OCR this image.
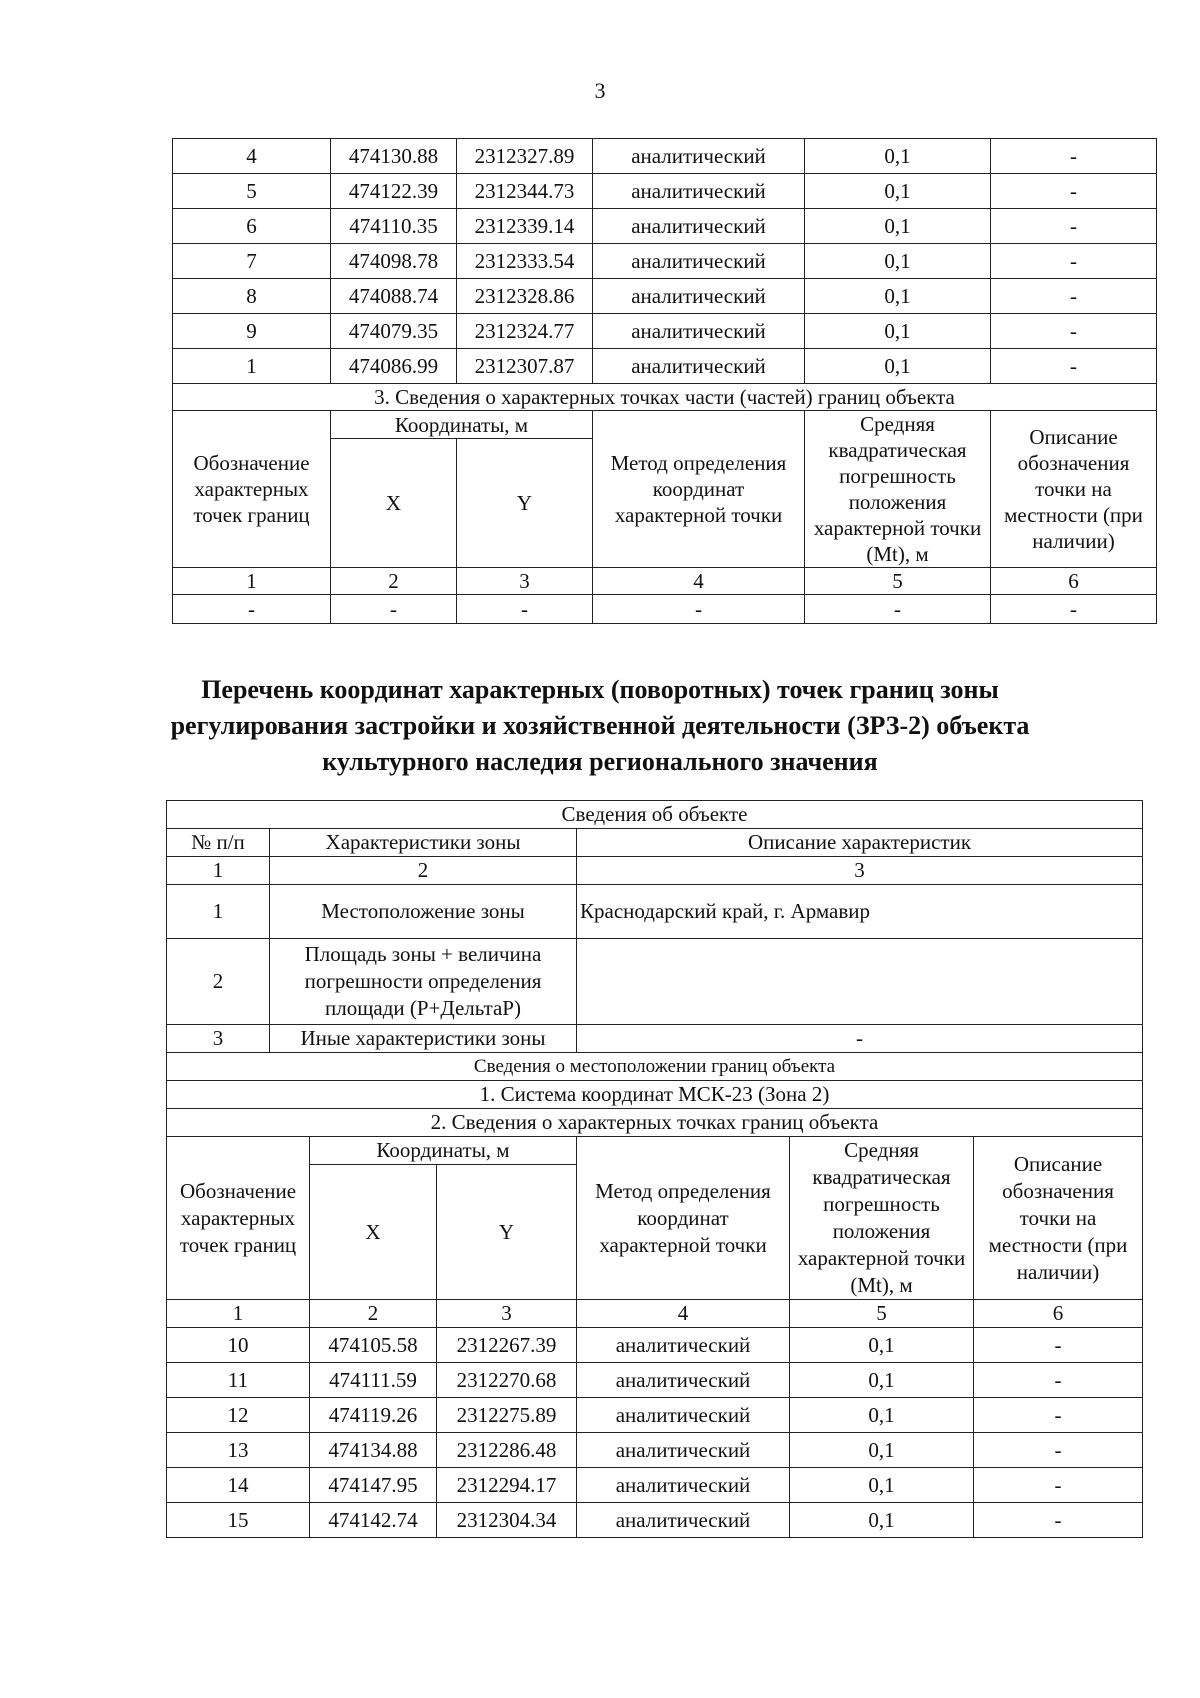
3
4	474130.88	2312327.89	аналитический	0,1	-
5	474122.39	2312344.73	аналитический	0,1	-
6	474110.35	2312339.14	аналитический	0,1	-
7	474098.78	2312333.54	аналитический	0,1	-
8	474088.74	2312328.86	аналитический	0,1	-
9	474079.35	2312324.77	аналитический	0,1	-
1	474086.99	2312307.87	аналитический	0,1	-
3. Сведения о характерных точках части (частей) границ объекта					
Обозначение характерных точек границ	Координаты, м		Метод определения координат характерной точки	Средняя квадратическая погрешность положения характерной точки (Mt), м	Описание обозначения точки на местности (при наличии)
	X	Y			
1	2	3	4	5	6
-	-	-	-	-	-

Перечень координат характерных (поворотных) точек границ зоны регулирования застройки и хозяйственной деятельности (ЗРЗ-2) объекта культурного наследия регионального значения

Сведения об объекте						
№ п/п	Характеристики зоны			Описание характеристик		
1	2			3		
1	Местоположение зоны			Краснодарский край, г. Армавир		
2	Площадь зоны + величина погрешности определения площади (Р+ДельтаР)					
3	Иные характеристики зоны			-		
Сведения о местоположении границ объекта						
1. Система координат МСК-23 (Зона 2)						
2. Сведения о характерных точках границ объекта						
Обозначение характерных точек границ		Координаты, м		Метод определения координат характерной точки	Средняя квадратическая погрешность положения характерной точки (Mt), м	Описание обозначения точки на местности (при наличии)
		X	Y			
1		2	3	4	5	6
10		474105.58	2312267.39	аналитический	0,1	-
11		474111.59	2312270.68	аналитический	0,1	-
12		474119.26	2312275.89	аналитический	0,1	-
13		474134.88	2312286.48	аналитический	0,1	-
14		474147.95	2312294.17	аналитический	0,1	-
15		474142.74	2312304.34	аналитический	0,1	-
